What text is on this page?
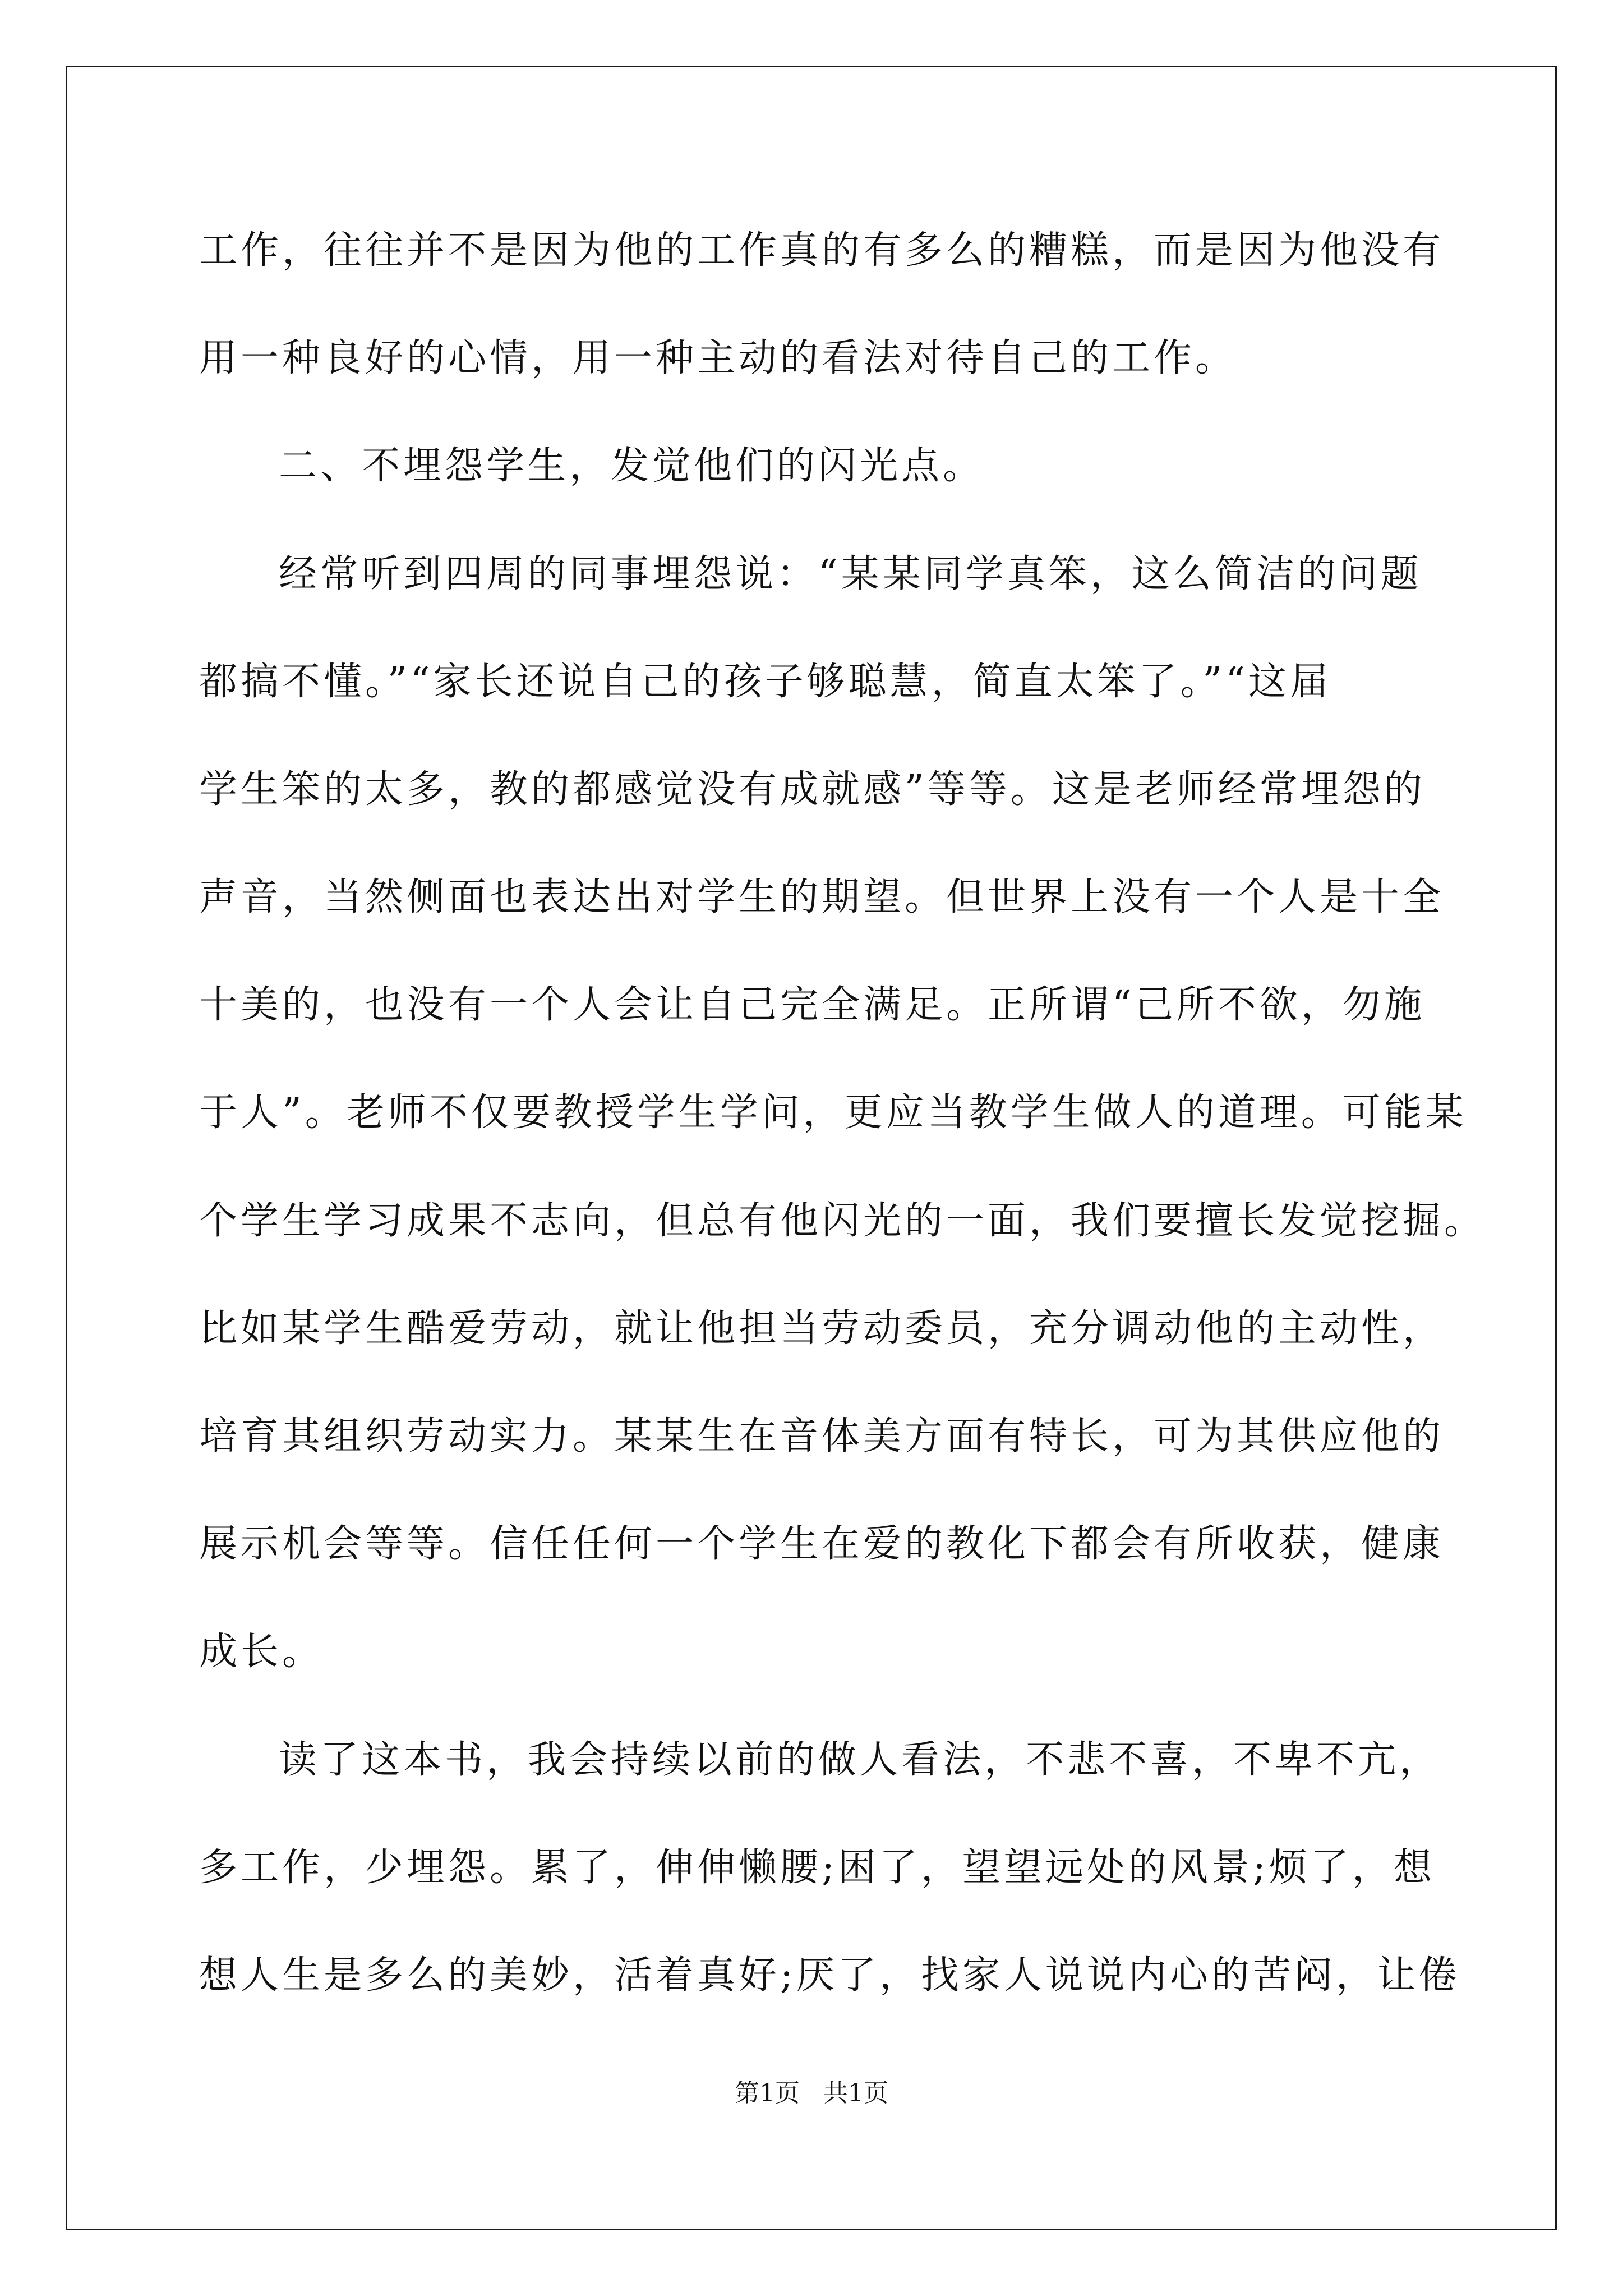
工作，往往并不是因为他的工作真的有多么的糟糕，而是因为他没有
用一种良好的心情，用一种主动的看法对待自己的工作。
二、不埋怨学生，发觉他们的闪光点。
经常听到四周的同事埋怨说：“某某同学真笨，这么简洁的问题
都搞不懂。”“家长还说自己的孩子够聪慧，简直太笨了。”“这届
学生笨的太多，教的都感觉没有成就感”等等。这是老师经常埋怨的
声音，当然侧面也表达出对学生的期望。但世界上没有一个人是十全
十美的，也没有一个人会让自己完全满足。正所谓“己所不欲，勿施
于人”。老师不仅要教授学生学问，更应当教学生做人的道理。可能某
个学生学习成果不志向，但总有他闪光的一面，我们要擅长发觉挖掘。
比如某学生酷爱劳动，就让他担当劳动委员，充分调动他的主动性，
培育其组织劳动实力。某某生在音体美方面有特长，可为其供应他的
展示机会等等。信任任何一个学生在爱的教化下都会有所收获，健康
成长。
读了这本书，我会持续以前的做人看法，不悲不喜，不卑不亢，
多工作，少埋怨。累了，伸伸懒腰;困了，望望远处的风景;烦了，想
想人生是多么的美妙，活着真好;厌了，找家人说说内心的苦闷，让倦
第1页   共1页
